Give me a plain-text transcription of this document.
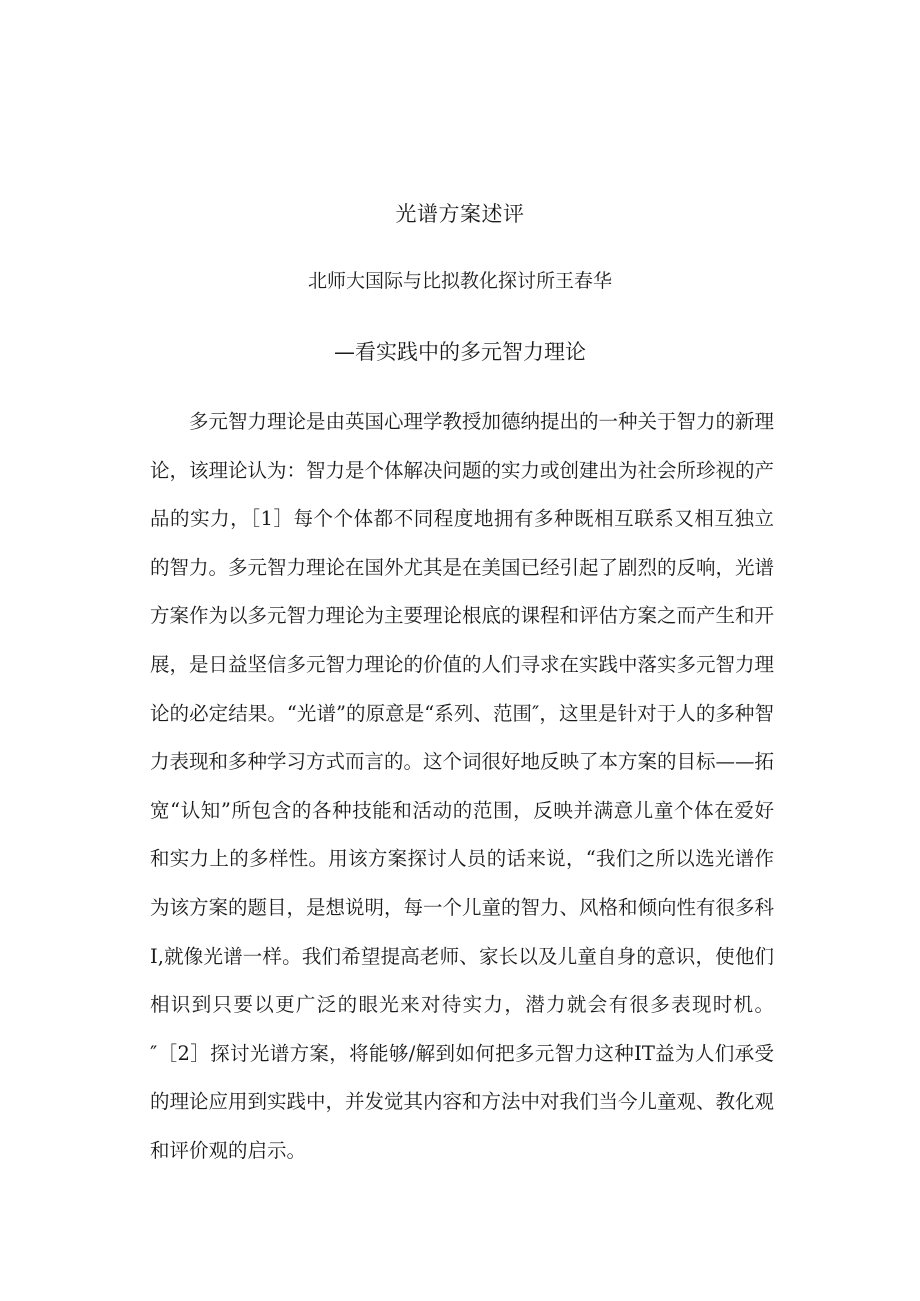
光谱方案述评

北师大国际与比拟教化探讨所王春华

—看实践中的多元智力理论

多元智力理论是由英国心理学教授加德纳提出的一种关于智力的新理论，该理论认为：智力是个体解决问题的实力或创建出为社会所珍视的产品的实力，［1］每个个体都不同程度地拥有多种既相互联系又相互独立的智力。多元智力理论在国外尤其是在美国已经引起了剧烈的反响，光谱方案作为以多元智力理论为主要理论根底的课程和评估方案之而产生和开展，是日益坚信多元智力理论的价值的人们寻求在实践中落实多元智力理论的必定结果。“光谱”的原意是“系列、范围″，这里是针对于人的多种智力表现和多种学习方式而言的。这个词很好地反映了本方案的目标——拓宽“认知”所包含的各种技能和活动的范围，反映并满意儿童个体在爱好和实力上的多样性。用该方案探讨人员的话来说，“我们之所以选光谱作为该方案的题目，是想说明，每一个儿童的智力、风格和倾向性有很多科I,就像光谱一样。我们希望提高老师、家长以及儿童自身的意识，使他们相识到只要以更广泛的眼光来对待实力，潜力就会有很多表现时机。″［2］探讨光谱方案，将能够/解到如何把多元智力这种IT益为人们承受的理论应用到实践中，并发觉其内容和方法中对我们当今儿童观、教化观和评价观的启示。
